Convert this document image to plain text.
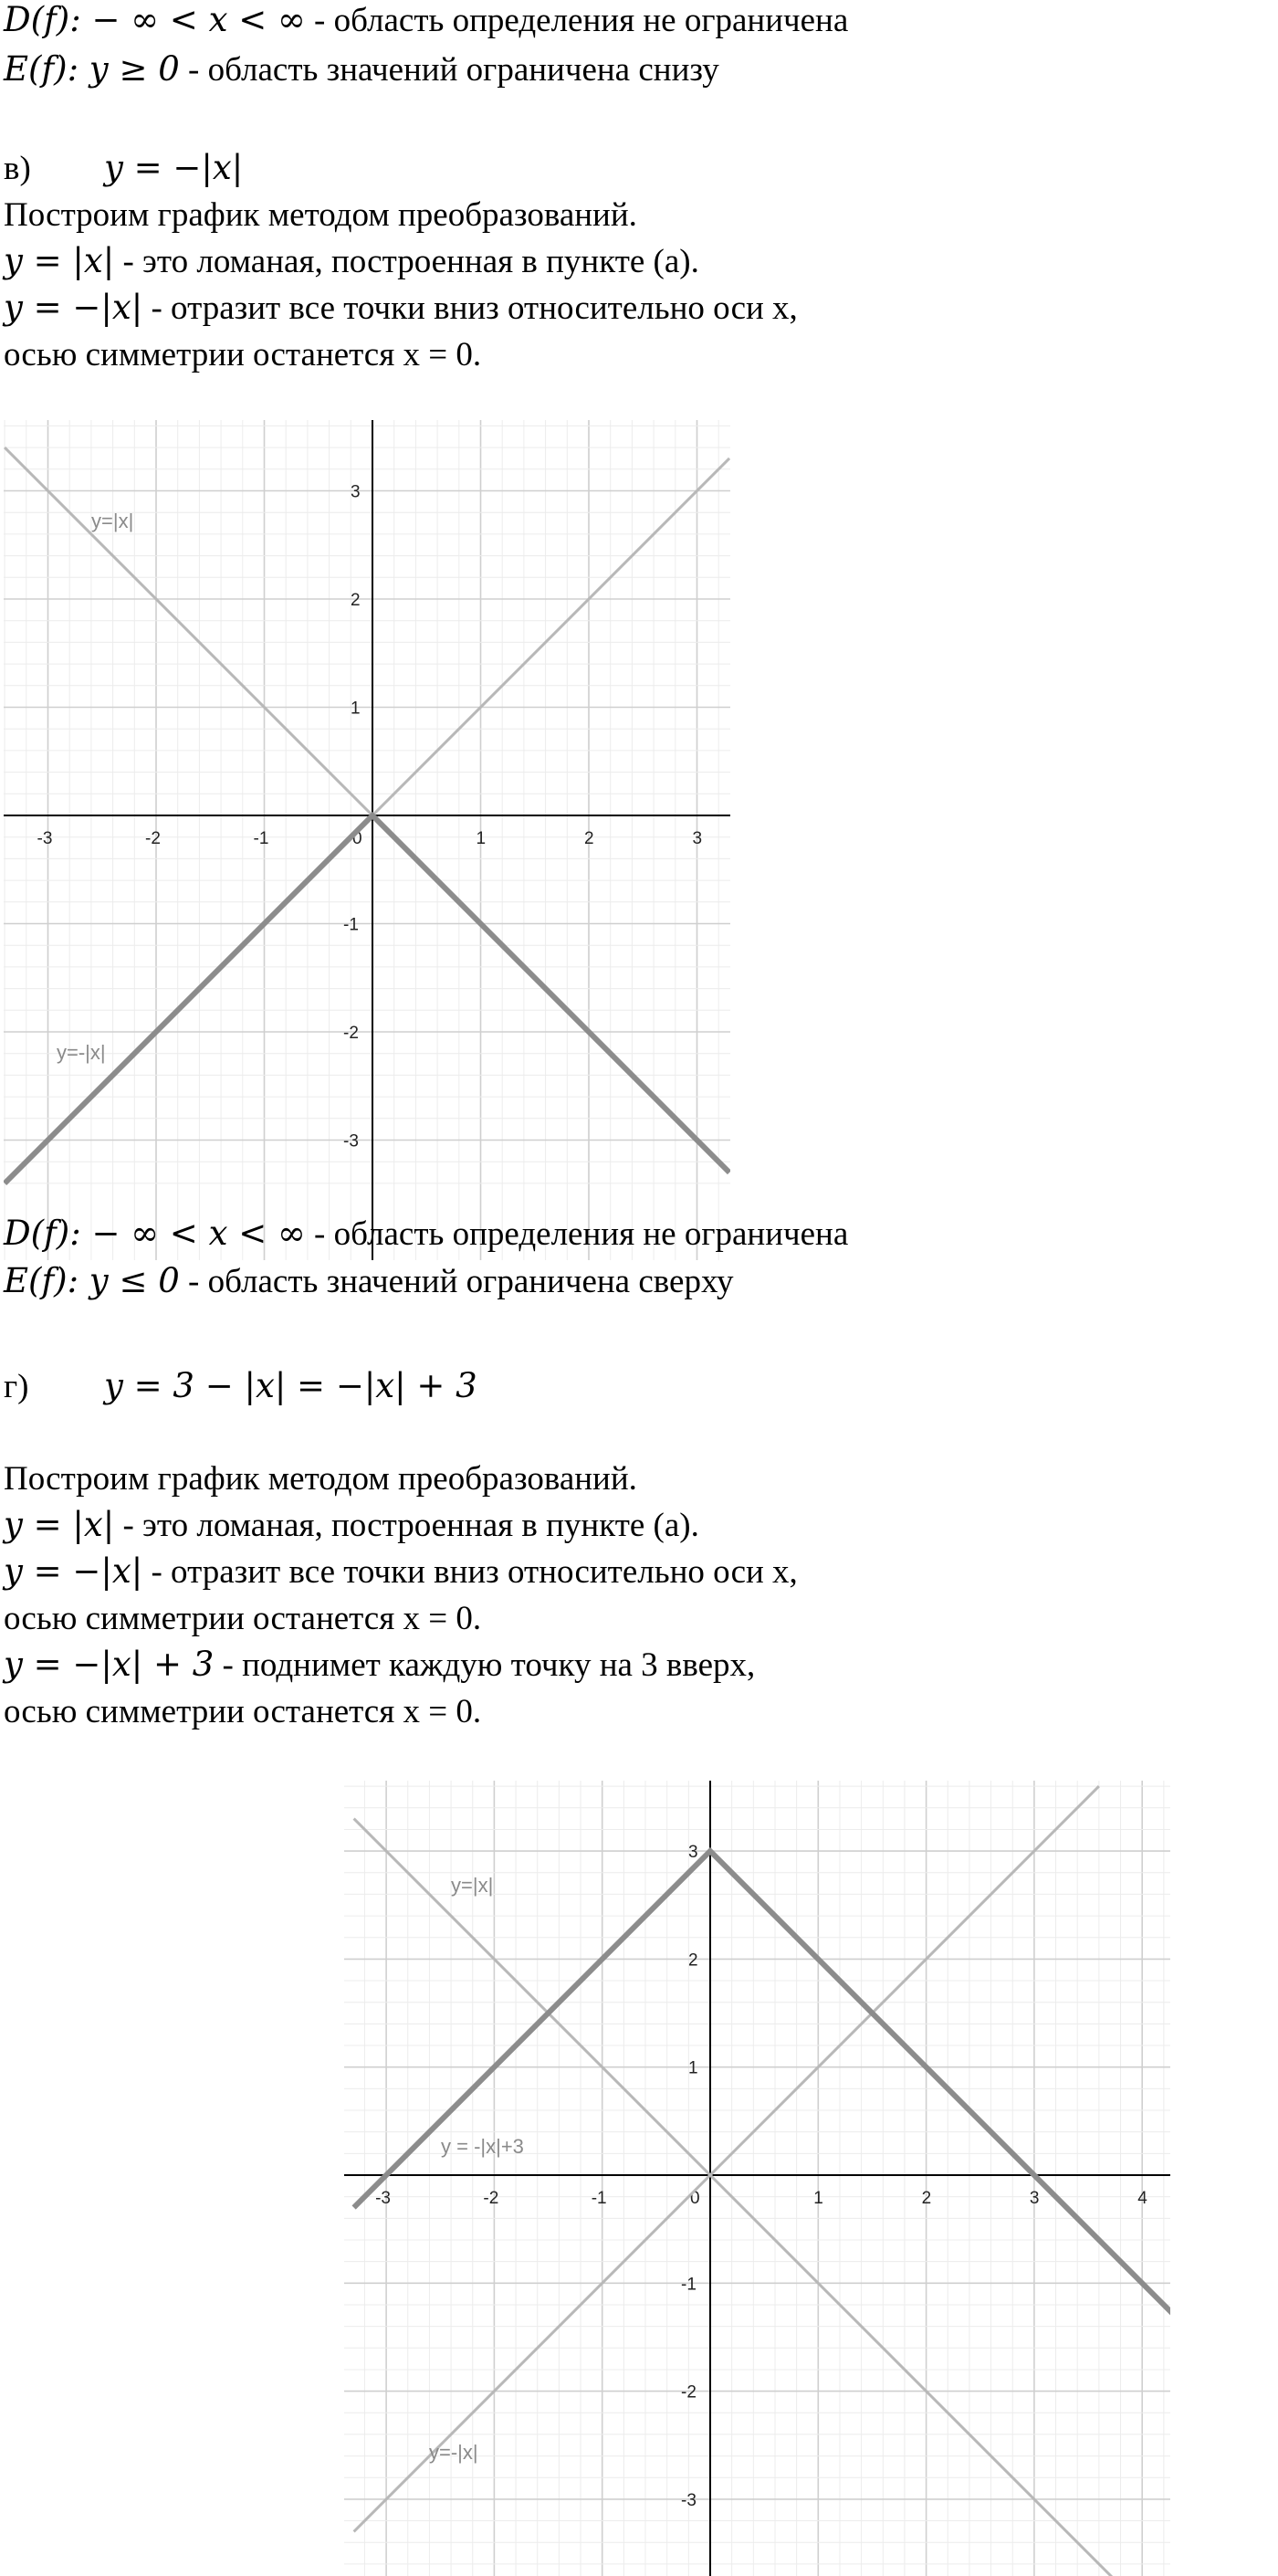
D(f): − ∞ < x < ∞ - область определения не ограничена
E(f): y ≥ 0 - область значений ограничена снизу
в) y = −|x|
Построим график методом преобразований.
y = |x| - это ломаная, построенная в пункте (а).
y = −|x| - отразит все точки вниз относительно оси x,
осью симметрии останется x = 0.
-3	-2	-1	0	1	2	3
3
2
1
-1
-2
-3
y=|x|
y=-|x|
D(f): − ∞ < x < ∞ - область определения не ограничена
E(f): y ≤ 0 - область значений ограничена сверху
г) y = 3 − |x| = −|x| + 3
Построим график методом преобразований.
y = |x| - это ломаная, построенная в пункте (а).
y = −|x| - отразит все точки вниз относительно оси x,
осью симметрии останется x = 0.
y = −|x| + 3 - поднимет каждую точку на 3 вверх,
осью симметрии останется x = 0.
-3	-2	-1	0	1	2	3	4
3
2
1
-1
-2
-3
y=|x|
y=-|x|
y = -|x|+3
